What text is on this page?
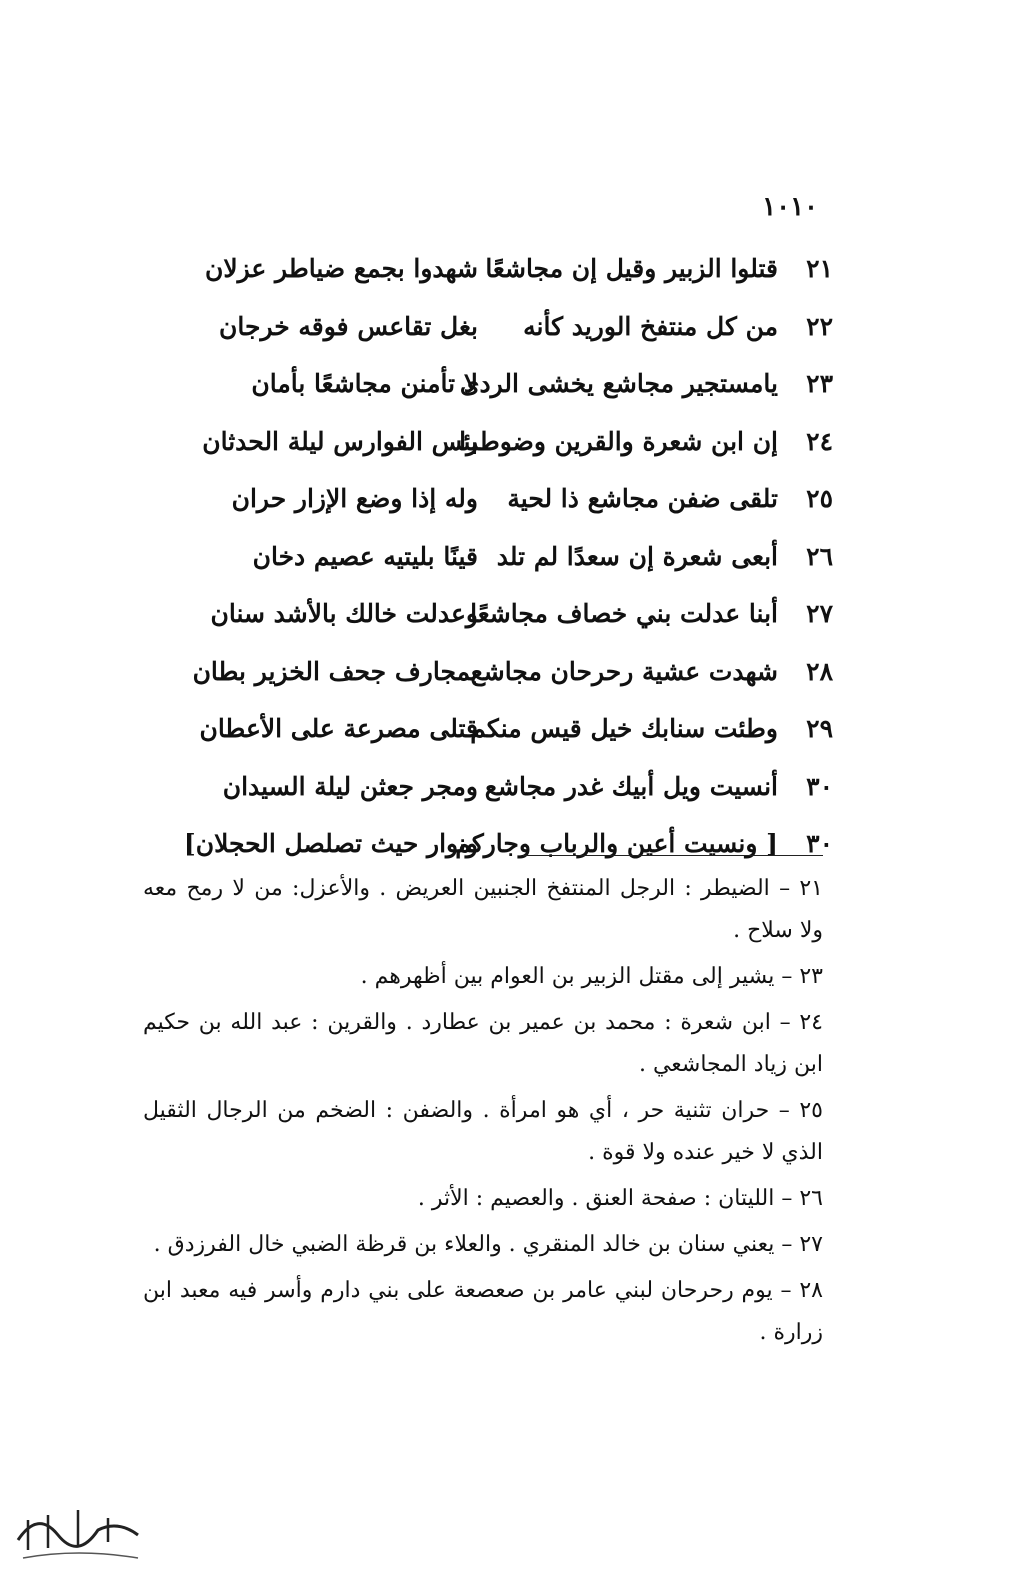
١٠١٠
٢١
قتلوا الزبير وقيل إن مجاشعًا
شهدوا بجمع ضياطر عزلان
٢٢
من كل منتفخ الوريد كأنه
بغل تقاعس فوقه خرجان
٢٣
يامستجير مجاشع يخشى الردى
لا تأمنن مجاشعًا بأمان
٢٤
إن ابن شعرة والقرين وضوطرا
بئس الفوارس ليلة الحدثان
٢٥
تلقى ضفن مجاشع ذا لحية
وله إذا وضع الإزار حران
٢٦
أبعى شعرة إن سعدًا لم تلد
قينًا بليتيه عصيم دخان
٢٧
أبنا عدلت بني خصاف مجاشعًا
وعدلت خالك بالأشد سنان
٢٨
شهدت عشية رحرحان مجاشع
بمجارف جحف الخزير بطان
٢٩
وطئت سنابك خيل قيس منكم
قتلى مصرعة على الأعطان
٣٠
أنسيت ويل أبيك غدر مجاشع
ومجر جعثن ليلة السيدان
٣٠
[ ونسيت أعين والرباب وجاركم
ونوار حيث تصلصل الحجلان]
٢١ – الضيطر : الرجل المنتفخ الجنبين العريض . والأعزل: من لا رمح معه ولا سلاح .
٢٣ – يشير إلى مقتل الزبير بن العوام بين أظهرهم .
٢٤ – ابن شعرة : محمد بن عمير بن عطارد . والقرين : عبد الله بن حكيم ابن زياد المجاشعي .
٢٥ – حران تثنية حر ، أي هو امرأة . والضفن : الضخم من الرجال الثقيل الذي لا خير عنده ولا قوة .
٢٦ – الليتان : صفحة العنق . والعصيم : الأثر .
٢٧ – يعني سنان بن خالد المنقري . والعلاء بن قرظة الضبي خال الفرزدق .
٢٨ – يوم رحرحان لبني عامر بن صعصعة على بني دارم وأسر فيه معبد ابن زرارة .
